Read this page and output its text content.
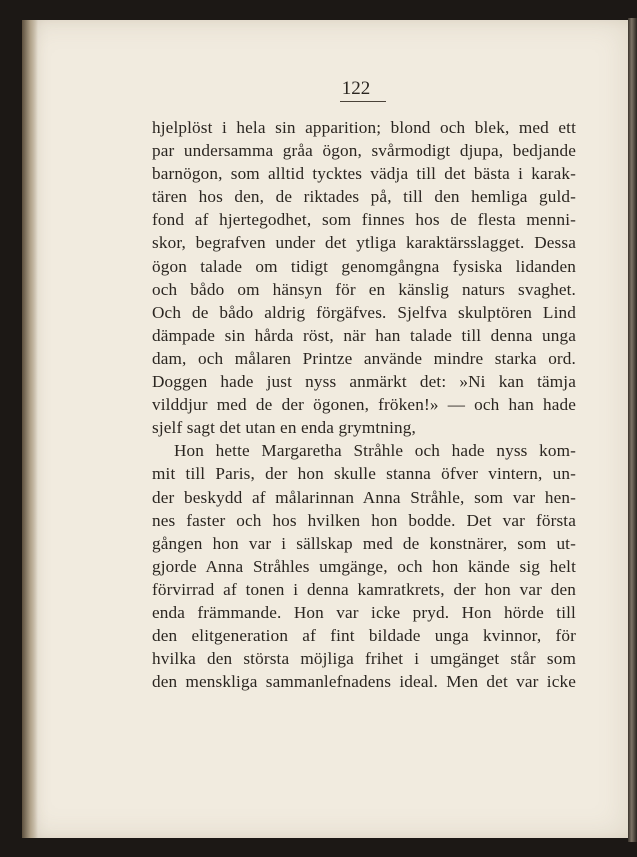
122
hjelplöst i hela sin apparition; blond och blek, med ett
par undersamma gråa ögon, svårmodigt djupa, bedjande
barnögon, som alltid tycktes vädja till det bästa i karak-
tären hos den, de riktades på, till den hemliga guld-
fond af hjertegodhet, som finnes hos de flesta menni-
skor, begrafven under det ytliga karaktärsslagget. Dessa
ögon talade om tidigt genomgångna fysiska lidanden
och bådo om hänsyn för en känslig naturs svaghet.
Och de bådo aldrig förgäfves. Sjelfva skulptören Lind
dämpade sin hårda röst, när han talade till denna unga
dam, och målaren Printze använde mindre starka ord.
Doggen hade just nyss anmärkt det: »Ni kan tämja
vilddjur med de der ögonen, fröken!» — och han hade
sjelf sagt det utan en enda grymtning,
Hon hette Margaretha Stråhle och hade nyss kom-
mit till Paris, der hon skulle stanna öfver vintern, un-
der beskydd af målarinnan Anna Stråhle, som var hen-
nes faster och hos hvilken hon bodde. Det var första
gången hon var i sällskap med de konstnärer, som ut-
gjorde Anna Stråhles umgänge, och hon kände sig helt
förvirrad af tonen i denna kamratkrets, der hon var den
enda främmande. Hon var icke pryd. Hon hörde till
den elitgeneration af fint bildade unga kvinnor, för
hvilka den största möjliga frihet i umgänget står som
den menskliga sammanlefnadens ideal. Men det var icke
